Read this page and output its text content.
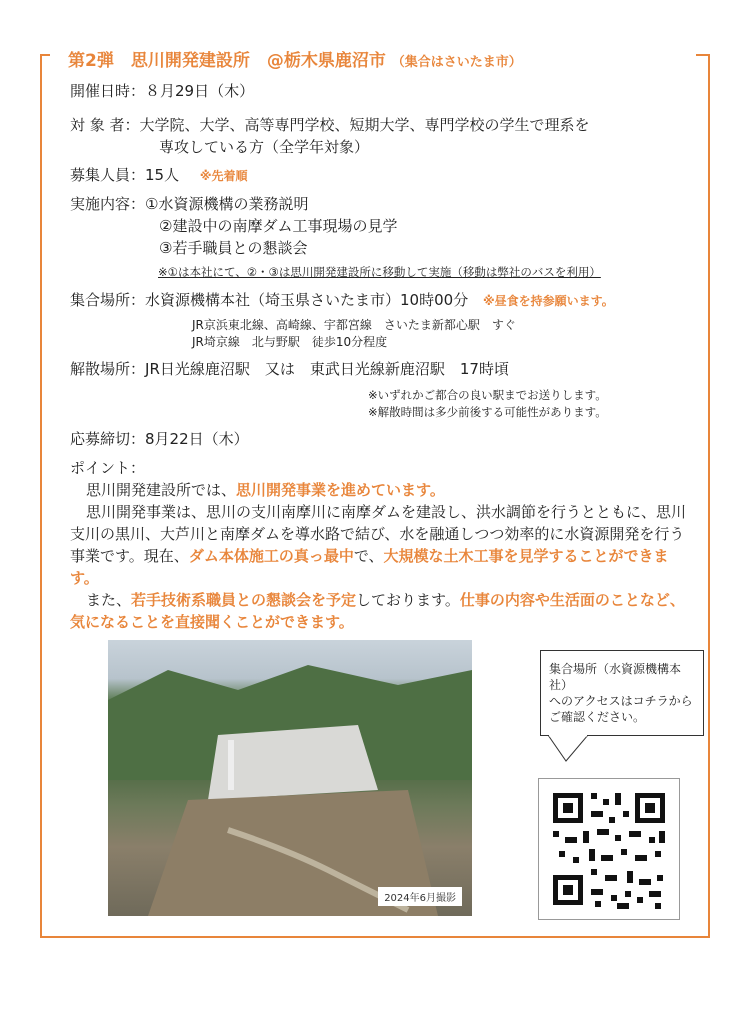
第2弾　思川開発建設所　@栃木県鹿沼市 （集合はさいたま市）
開催日時：８月29日（木）
対 象 者：大学院、大学、高等専門学校、短期大学、専門学校の学生で理系を
専攻している方（全学年対象）
募集人員：15人 ※先着順
実施内容：①水資源機構の業務説明
②建設中の南摩ダム工事現場の見学
③若手職員との懇談会
※①は本社にて、②・③は思川開発建設所に移動して実施（移動は弊社のバスを利用）
集合場所：水資源機構本社（埼玉県さいたま市）10時00分 ※昼食を持参願います。
JR京浜東北線、高崎線、宇都宮線　さいたま新都心駅　すぐ
JR埼京線　北与野駅　徒歩10分程度
解散場所：JR日光線鹿沼駅　又は　東武日光線新鹿沼駅　17時頃
※いずれかご都合の良い駅までお送りします。
※解散時間は多少前後する可能性があります。
応募締切：8月22日（木）
ポイント：
思川開発建設所では、思川開発事業を進めています。
思川開発事業は、思川の支川南摩川に南摩ダムを建設し、洪水調節を行うとともに、思川支川の黒川、大芦川と南摩ダムを導水路で結び、水を融通しつつ効率的に水資源開発を行う事業です。現在、ダム本体施工の真っ最中で、大規模な土木工事を見学することができます。
また、若手技術系職員との懇談会を予定しております。仕事の内容や生活面のことなど、気になることを直接聞くことができます。
2024年6月撮影
集合場所（水資源機構本社）
へのアクセスはコチラから
ご確認ください。
